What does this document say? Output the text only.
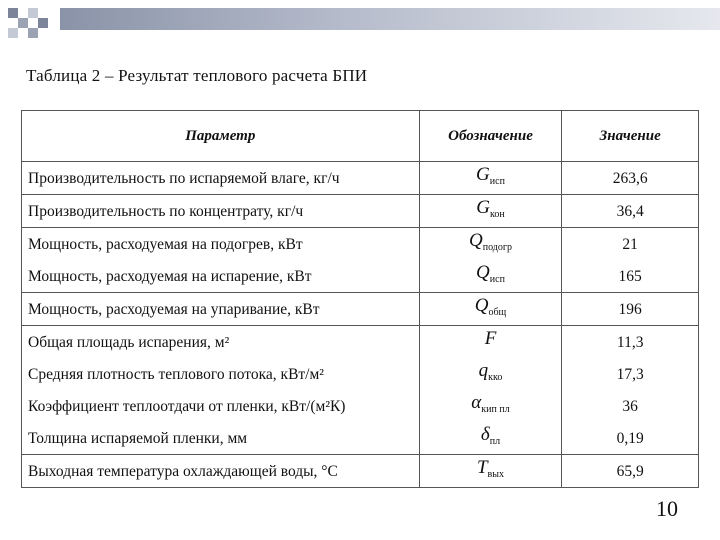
Таблица 2 – Результат теплового расчета БПИ
Параметр	Обозначение	Значение
Производительность по испаряемой влаге, кг/ч	$G_{исп}$	263,6
Производительность по концентрату, кг/ч	$G_{кон}$	36,4
Мощность, расходуемая на подогрев, кВт	$Q_{подогр}$	21
Мощность, расходуемая на испарение, кВт	$Q_{исп}$	165
Мощность, расходуемая на упаривание, кВт	$Q_{общ}$	196
Общая площадь испарения, м²	F	11,3
Средняя плотность теплового потока, кВт/м²	$q_{кко}$	17,3
Коэффициент теплоотдачи от пленки, кВт/(м²К)	$\alpha_{кип пл}$	36
Толщина испаряемой пленки, мм	$\delta_{пл}$	0,19
Выходная температура охлаждающей воды, °С	$T_{вых}$	65,9
10
